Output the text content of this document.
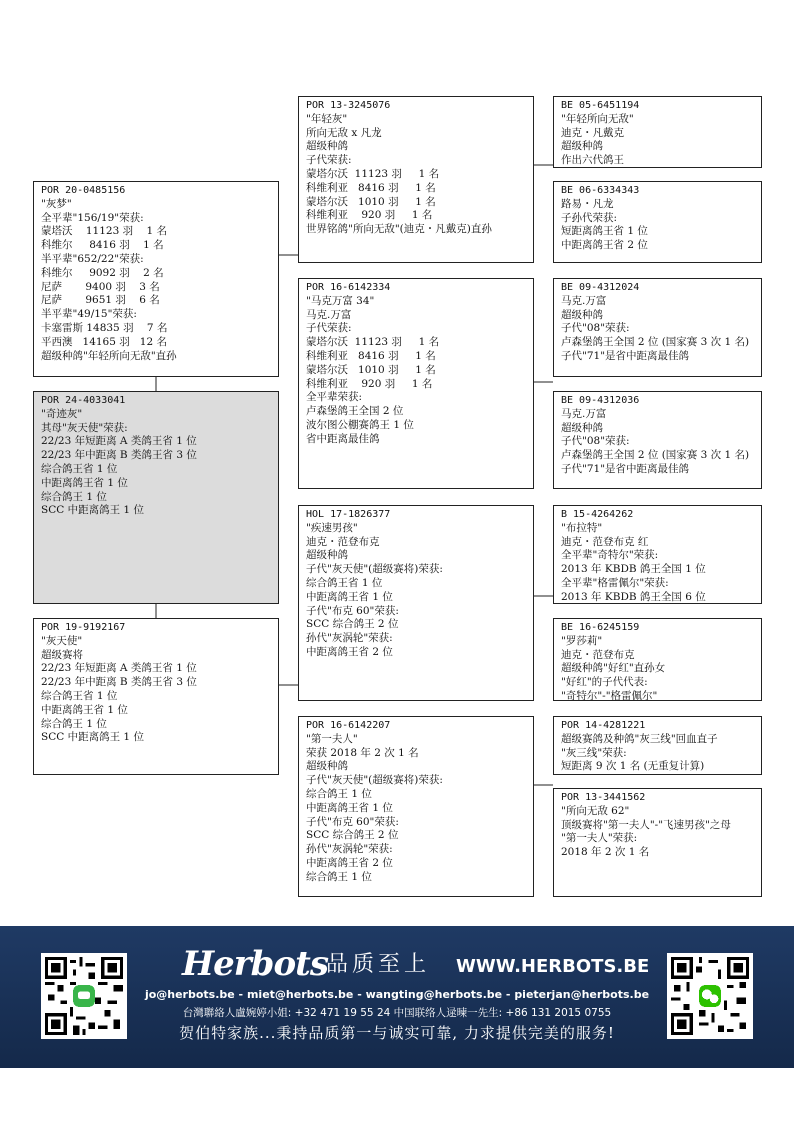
POR 20-0485156
"灰梦"
全平辈"156/19"荣获:
蒙塔沃    11123 羽    1 名
科维尔     8416 羽    1 名
半平辈"652/22"荣获:
科维尔     9092 羽    2 名
尼萨       9400 羽    3 名
尼萨       9651 羽    6 名
半平辈"49/15"荣获:
卡塞雷斯 14835 羽    7 名
平西澳   14165 羽   12 名
超级种鸽"年轻所向无敌"直孙
POR 24-4033041
"奇迹灰"
其母"灰天使"荣获:
22/23 年短距离 A 类鸽王省 1 位
22/23 年中距离 B 类鸽王省 3 位
综合鸽王省 1 位
中距离鸽王省 1 位
综合鸽王 1 位
SCC 中距离鸽王 1 位
POR 19-9192167
"灰天使"
超级赛将
22/23 年短距离 A 类鸽王省 1 位
22/23 年中距离 B 类鸽王省 3 位
综合鸽王省 1 位
中距离鸽王省 1 位
综合鸽王 1 位
SCC 中距离鸽王 1 位
POR 13-3245076
"年轻灰"
所向无敌 x 凡龙
超级种鸽
子代荣获:
蒙塔尔沃  11123 羽     1 名
科维利亚   8416 羽     1 名
蒙塔尔沃   1010 羽     1 名
科维利亚    920 羽     1 名
世界铭鸽"所向无敌"(迪克・凡戴克)直孙
POR 16-6142334
"马克万富 34"
马克.万富
子代荣获:
蒙塔尔沃  11123 羽     1 名
科维利亚   8416 羽     1 名
蒙塔尔沃   1010 羽     1 名
科维利亚    920 羽     1 名
全平辈荣获:
卢森堡鸽王全国 2 位
波尔图公棚赛鸽王 1 位
省中距离最佳鸽
HOL 17-1826377
"疾速男孩"
迪克・范登布克
超级种鸽
子代"灰天使"(超级赛将)荣获:
综合鸽王省 1 位
中距离鸽王省 1 位
子代"布克 60"荣获:
SCC 综合鸽王 2 位
孙代"灰涡轮"荣获:
中距离鸽王省 2 位
POR 16-6142207
"第一夫人"
荣获 2018 年 2 次 1 名
超级种鸽
子代"灰天使"(超级赛将)荣获:
综合鸽王 1 位
中距离鸽王省 1 位
子代"布克 60"荣获:
SCC 综合鸽王 2 位
孙代"灰涡轮"荣获:
中距离鸽王省 2 位
综合鸽王 1 位
BE 05-6451194
"年轻所向无敌"
迪克・凡戴克
超级种鸽
作出六代鸽王
BE 06-6334343
路易・凡龙
子孙代荣获:
短距离鸽王省 1 位
中距离鸽王省 2 位
BE 09-4312024
马克.万富
超级种鸽
子代"08"荣获:
卢森堡鸽王全国 2 位 (国家赛 3 次 1 名)
子代"71"是省中距离最佳鸽
BE 09-4312036
马克.万富
超级种鸽
子代"08"荣获:
卢森堡鸽王全国 2 位 (国家赛 3 次 1 名)
子代"71"是省中距离最佳鸽
B 15-4264262
"布拉特"
迪克・范登布克 红
全平辈"奇特尔"荣获:
2013 年 KBDB 鸽王全国 1 位
全平辈"格雷佩尔"荣获:
2013 年 KBDB 鸽王全国 6 位
BE 16-6245159
"罗莎莉"
迪克・范登布克
超级种鸽"好红"直孙女
"好红"的子代代表:
"奇特尔"-"格雷佩尔"
POR 14-4281221
超级赛鸽及种鸽"灰三线"回血直子
"灰三线"荣获:
短距离 9 次 1 名 (无重复计算)
POR 13-3441562
"所向无敌 62"
顶级赛将"第一夫人"-"飞速男孩"之母
"第一夫人"荣获:
2018 年 2 次 1 名
Herbots
品质至上 WWW.HERBOTS.BE
jo@herbots.be - miet@herbots.be - wangting@herbots.be - pieterjan@herbots.be
台灣聯絡人盧婉婷小姐: +32 471 19 55 24 中国联络人逯暕一先生: +86 131 2015 0755
贺伯特家族...秉持品质第一与诚实可靠, 力求提供完美的服务!
